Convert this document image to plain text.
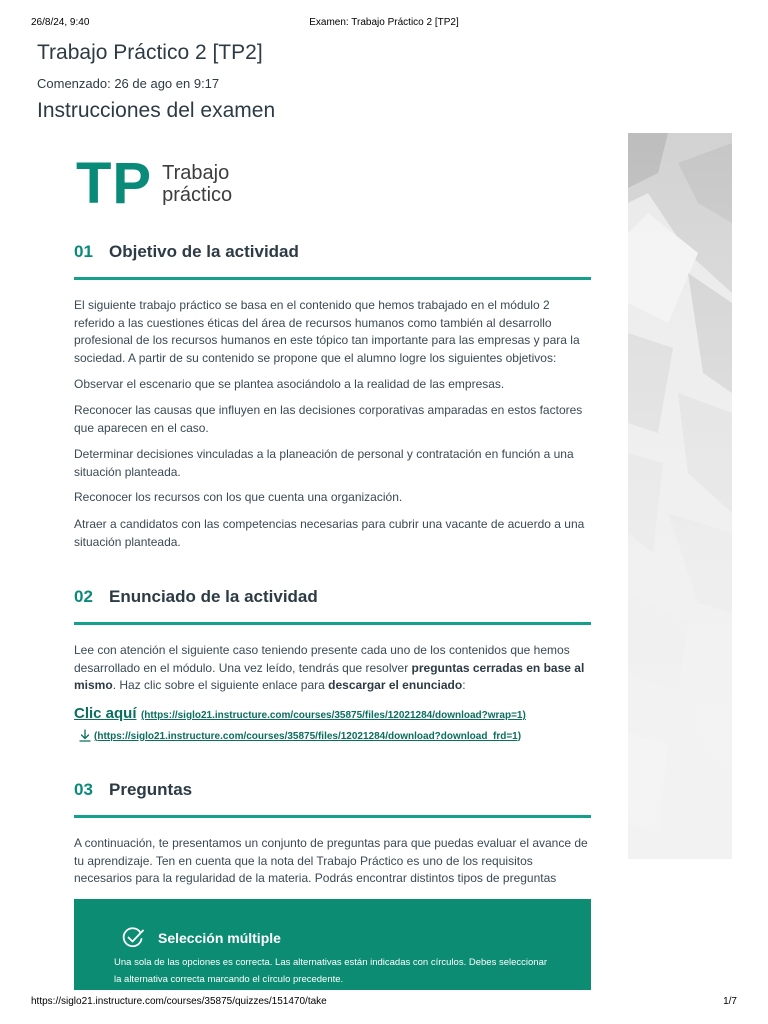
26/8/24, 9:40	Examen: Trabajo Práctico 2 [TP2]
Trabajo Práctico 2 [TP2]
Comenzado: 26 de ago en 9:17
Instrucciones del examen
TP Trabajo
práctico
01 Objetivo de la actividad
El siguiente trabajo práctico se basa en el contenido que hemos trabajado en el módulo 2 referido a las cuestiones éticas del área de recursos humanos como también al desarrollo profesional de los recursos humanos en este tópico tan importante para las empresas y para la sociedad. A partir de su contenido se propone que el alumno logre los siguientes objetivos:
Observar el escenario que se plantea asociándolo a la realidad de las empresas.
Reconocer las causas que influyen en las decisiones corporativas amparadas en estos factores que aparecen en el caso.
Determinar decisiones vinculadas a la planeación de personal y contratación en función a una situación planteada.
Reconocer los recursos con los que cuenta una organización.
Atraer a candidatos con las competencias necesarias para cubrir una vacante de acuerdo a una situación planteada.
02 Enunciado de la actividad
Lee con atención el siguiente caso teniendo presente cada uno de los contenidos que hemos desarrollado en el módulo. Una vez leído, tendrás que resolver preguntas cerradas en base al mismo. Haz clic sobre el siguiente enlace para descargar el enunciado:
Clic aquí (https://siglo21.instructure.com/courses/35875/files/12021284/download?wrap=1)
(https://siglo21.instructure.com/courses/35875/files/12021284/download?download_frd=1)
03 Preguntas
A continuación, te presentamos un conjunto de preguntas para que puedas evaluar el avance de tu aprendizaje. Ten en cuenta que la nota del Trabajo Práctico es uno de los requisitos necesarios para la regularidad de la materia. Podrás encontrar distintos tipos de preguntas
Selección múltiple
Una sola de las opciones es correcta. Las alternativas están indicadas con círculos. Debes seleccionar la alternativa correcta marcando el círculo precedente.
https://siglo21.instructure.com/courses/35875/quizzes/151470/take	1/7
